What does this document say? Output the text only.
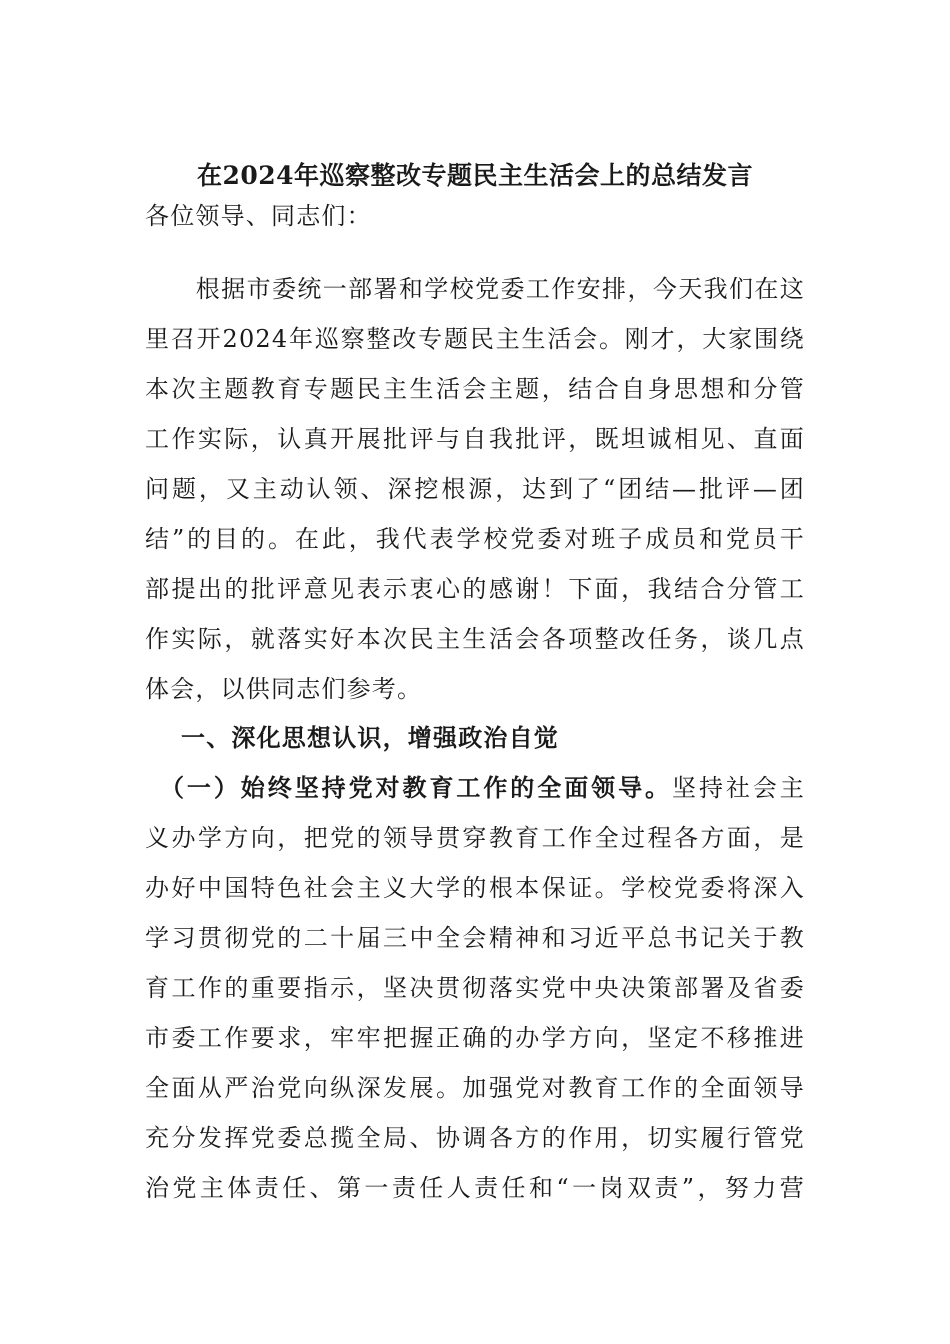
在2024年巡察整改专题民主生活会上的总结发言

各位领导、同志们：

　　根据市委统一部署和学校党委工作安排，今天我们在这
里召开2024年巡察整改专题民主生活会。刚才，大家围绕
本次主题教育专题民主生活会主题，结合自身思想和分管
工作实际，认真开展批评与自我批评，既坦诚相见、直面
问题，又主动认领、深挖根源，达到了“团结—批评—团
结”的目的。在此，我代表学校党委对班子成员和党员干
部提出的批评意见表示衷心的感谢！下面，我结合分管工
作实际，就落实好本次民主生活会各项整改任务，谈几点
体会，以供同志们参考。
一、深化思想认识，增强政治自觉
　（一）始终坚持党对教育工作的全面领导。坚持社会主
义办学方向，把党的领导贯穿教育工作全过程各方面，是
办好中国特色社会主义大学的根本保证。学校党委将深入
学习贯彻党的二十届三中全会精神和习近平总书记关于教
育工作的重要指示，坚决贯彻落实党中央决策部署及省委
市委工作要求，牢牢把握正确的办学方向，坚定不移推进
全面从严治党向纵深发展。加强党对教育工作的全面领导
充分发挥党委总揽全局、协调各方的作用，切实履行管党
治党主体责任、第一责任人责任和“一岗双责”，努力营
